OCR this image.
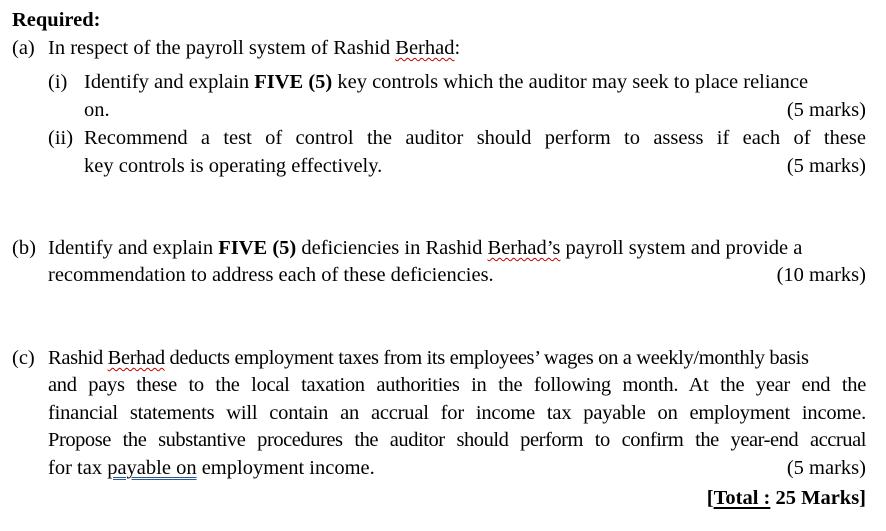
Required:
(a) In respect of the payroll system of Rashid Berhad:
(i) Identify and explain FIVE (5) key controls which the auditor may seek to place reliance
on.	(5 marks)
(ii) Recommend a test of control the auditor should perform to assess if each of these
key controls is operating effectively.	(5 marks)
(b) Identify and explain FIVE (5) deficiencies in Rashid Berhad’s payroll system and provide a
recommendation to address each of these deficiencies.	(10 marks)
(c) Rashid Berhad deducts employment taxes from its employees’ wages on a weekly/monthly basis
and pays these to the local taxation authorities in the following month. At the year end the
financial statements will contain an accrual for income tax payable on employment income.
Propose the substantive procedures the auditor should perform to confirm the year-end accrual
for tax payable on employment income.	(5 marks)
[Total : 25 Marks]
